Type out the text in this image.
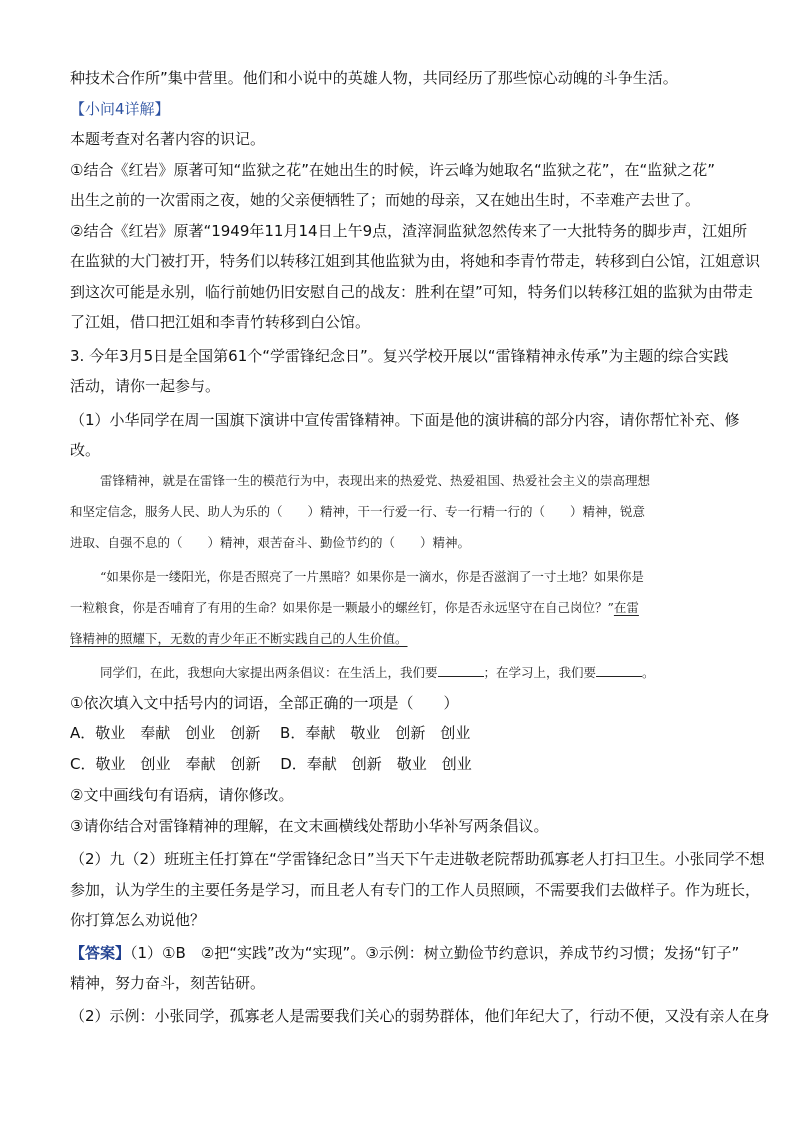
种技术合作所”集中营里。他们和小说中的英雄人物，共同经历了那些惊心动魄的斗争生活。
【小问4详解】
本题考查对名著内容的识记。
①结合《红岩》原著可知“监狱之花”在她出生的时候，许云峰为她取名“监狱之花”，在“监狱之花”
出生之前的一次雷雨之夜，她的父亲便牺牲了；而她的母亲，又在她出生时，不幸难产去世了。
②结合《红岩》原著“1949年11月14日上午9点，渣滓洞监狱忽然传来了一大批特务的脚步声，江姐所
在监狱的大门被打开，特务们以转移江姐到其他监狱为由，将她和李青竹带走，转移到白公馆，江姐意识
到这次可能是永别，临行前她仍旧安慰自己的战友：胜利在望”可知，特务们以转移江姐的监狱为由带走
了江姐，借口把江姐和李青竹转移到白公馆。
3. 今年3月5日是全国第61个“学雷锋纪念日”。复兴学校开展以“雷锋精神永传承”为主题的综合实践
活动，请你一起参与。
（1）小华同学在周一国旗下演讲中宣传雷锋精神。下面是他的演讲稿的部分内容，请你帮忙补充、修
改。
雷锋精神，就是在雷锋一生的模范行为中，表现出来的热爱党、热爱祖国、热爱社会主义的崇高理想
和坚定信念，服务人民、助人为乐的（　　）精神，干一行爱一行、专一行精一行的（　　）精神，锐意
进取、自强不息的（　　）精神，艰苦奋斗、勤俭节约的（　　）精神。
“如果你是一缕阳光，你是否照亮了一片黑暗？如果你是一滴水，你是否滋润了一寸土地？如果你是
一粒粮食，你是否哺育了有用的生命？如果你是一颗最小的螺丝钉，你是否永远坚守在自己岗位？”在雷
锋精神的照耀下，无数的青少年正不断实践自己的人生价值。
同学们，在此，我想向大家提出两条倡议：在生活上，我们要	；在学习上，我们要	。
①依次填入文中括号内的词语，全部正确的一项是（　　）
A．敬业　奉献　创业　创新　 B．奉献　敬业　创新　创业
C．敬业　创业　奉献　创新　 D．奉献　创新　敬业　创业
②文中画线句有语病，请你修改。
③请你结合对雷锋精神的理解，在文末画横线处帮助小华补写两条倡议。
（2）九（2）班班主任打算在“学雷锋纪念日”当天下午走进敬老院帮助孤寡老人打扫卫生。小张同学不想
参加，认为学生的主要任务是学习，而且老人有专门的工作人员照顾，不需要我们去做样子。作为班长，
你打算怎么劝说他？
【答案】（1）①B　②把“实践”改为“实现”。③示例：树立勤俭节约意识，养成节约习惯；发扬“钉子”
精神，努力奋斗，刻苦钻研。
（2）示例：小张同学，孤寡老人是需要我们关心的弱势群体，他们年纪大了，行动不便，又没有亲人在身
